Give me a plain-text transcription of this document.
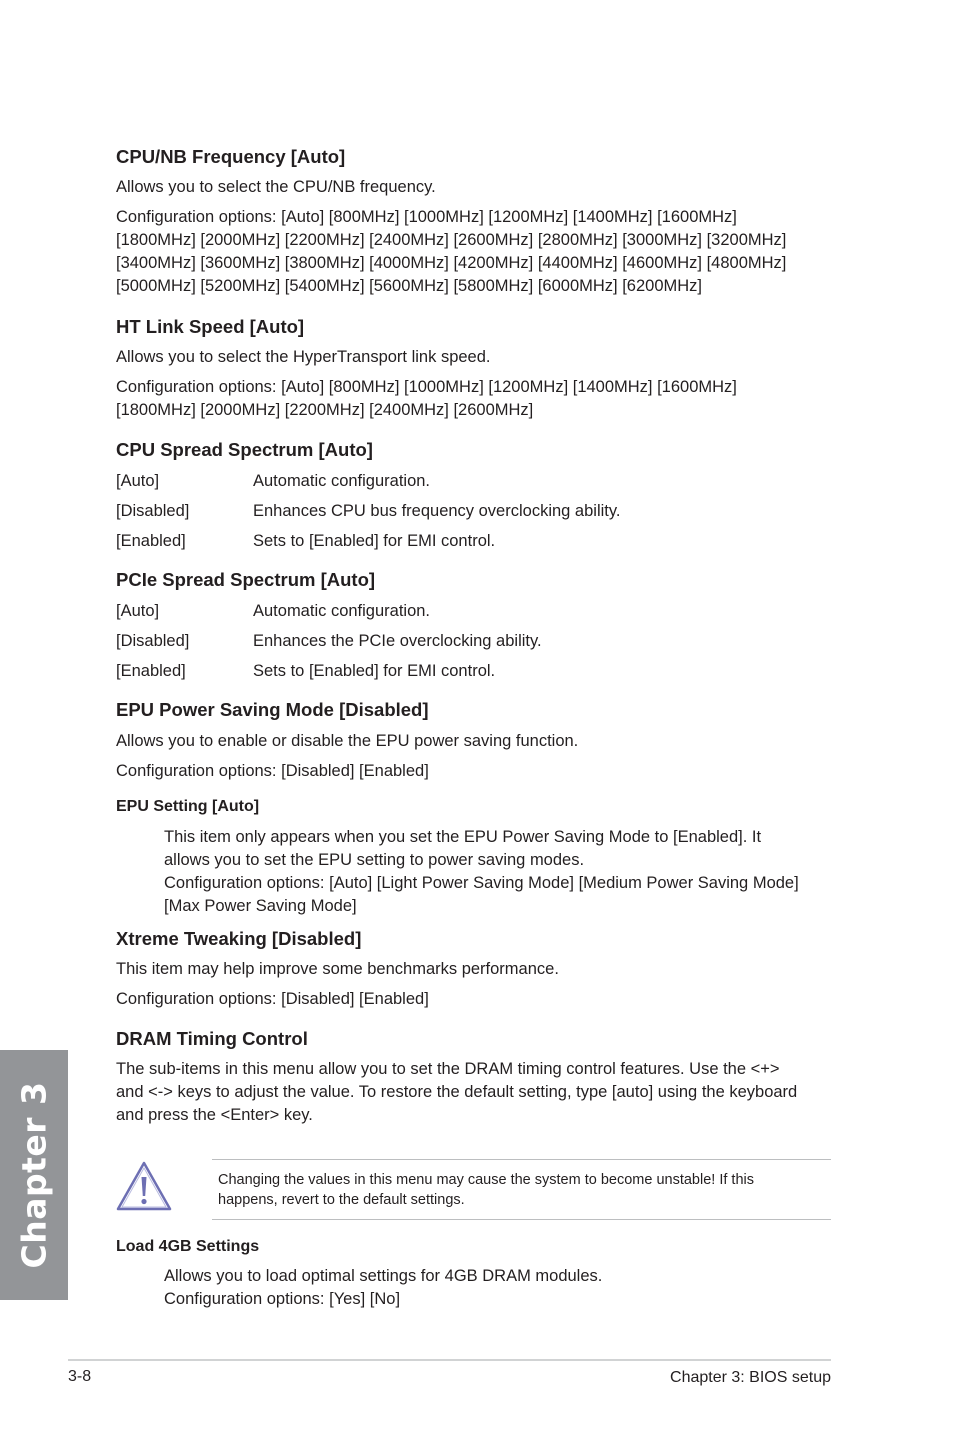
CPU/NB Frequency [Auto]
Allows you to select the CPU/NB frequency.
Configuration options: [Auto] [800MHz] [1000MHz] [1200MHz] [1400MHz] [1600MHz]
[1800MHz] [2000MHz] [2200MHz] [2400MHz] [2600MHz] [2800MHz] [3000MHz] [3200MHz]
[3400MHz] [3600MHz] [3800MHz] [4000MHz] [4200MHz] [4400MHz] [4600MHz] [4800MHz]
[5000MHz] [5200MHz] [5400MHz] [5600MHz] [5800MHz] [6000MHz] [6200MHz]
HT Link Speed [Auto]
Allows you to select the HyperTransport link speed.
Configuration options: [Auto] [800MHz] [1000MHz] [1200MHz] [1400MHz] [1600MHz]
[1800MHz] [2000MHz] [2200MHz] [2400MHz] [2600MHz]
CPU Spread Spectrum [Auto]
[Auto]	Automatic configuration.
[Disabled]	Enhances CPU bus frequency overclocking ability.
[Enabled]	Sets to [Enabled] for EMI control.
PCIe Spread Spectrum [Auto]
[Auto]	Automatic configuration.
[Disabled]	Enhances the PCIe overclocking ability.
[Enabled]	Sets to [Enabled] for EMI control.
EPU Power Saving Mode [Disabled]
Allows you to enable or disable the EPU power saving function.
Configuration options: [Disabled] [Enabled]
EPU Setting [Auto]
This item only appears when you set the EPU Power Saving Mode to [Enabled]. It
allows you to set the EPU setting to power saving modes.
Configuration options: [Auto] [Light Power Saving Mode] [Medium Power Saving Mode]
[Max Power Saving Mode]
Xtreme Tweaking [Disabled]
This item may help improve some benchmarks performance.
Configuration options: [Disabled] [Enabled]
DRAM Timing Control
The sub-items in this menu allow you to set the DRAM timing control features. Use the <+>
and <-> keys to adjust the value. To restore the default setting, type [auto] using the keyboard
and press the <Enter> key.
Changing the values in this menu may cause the system to become unstable! If this
happens, revert to the default settings.
Load 4GB Settings
Allows you to load optimal settings for 4GB DRAM modules.
Configuration options: [Yes] [No]
Chapter 3
3-8	Chapter 3: BIOS setup
